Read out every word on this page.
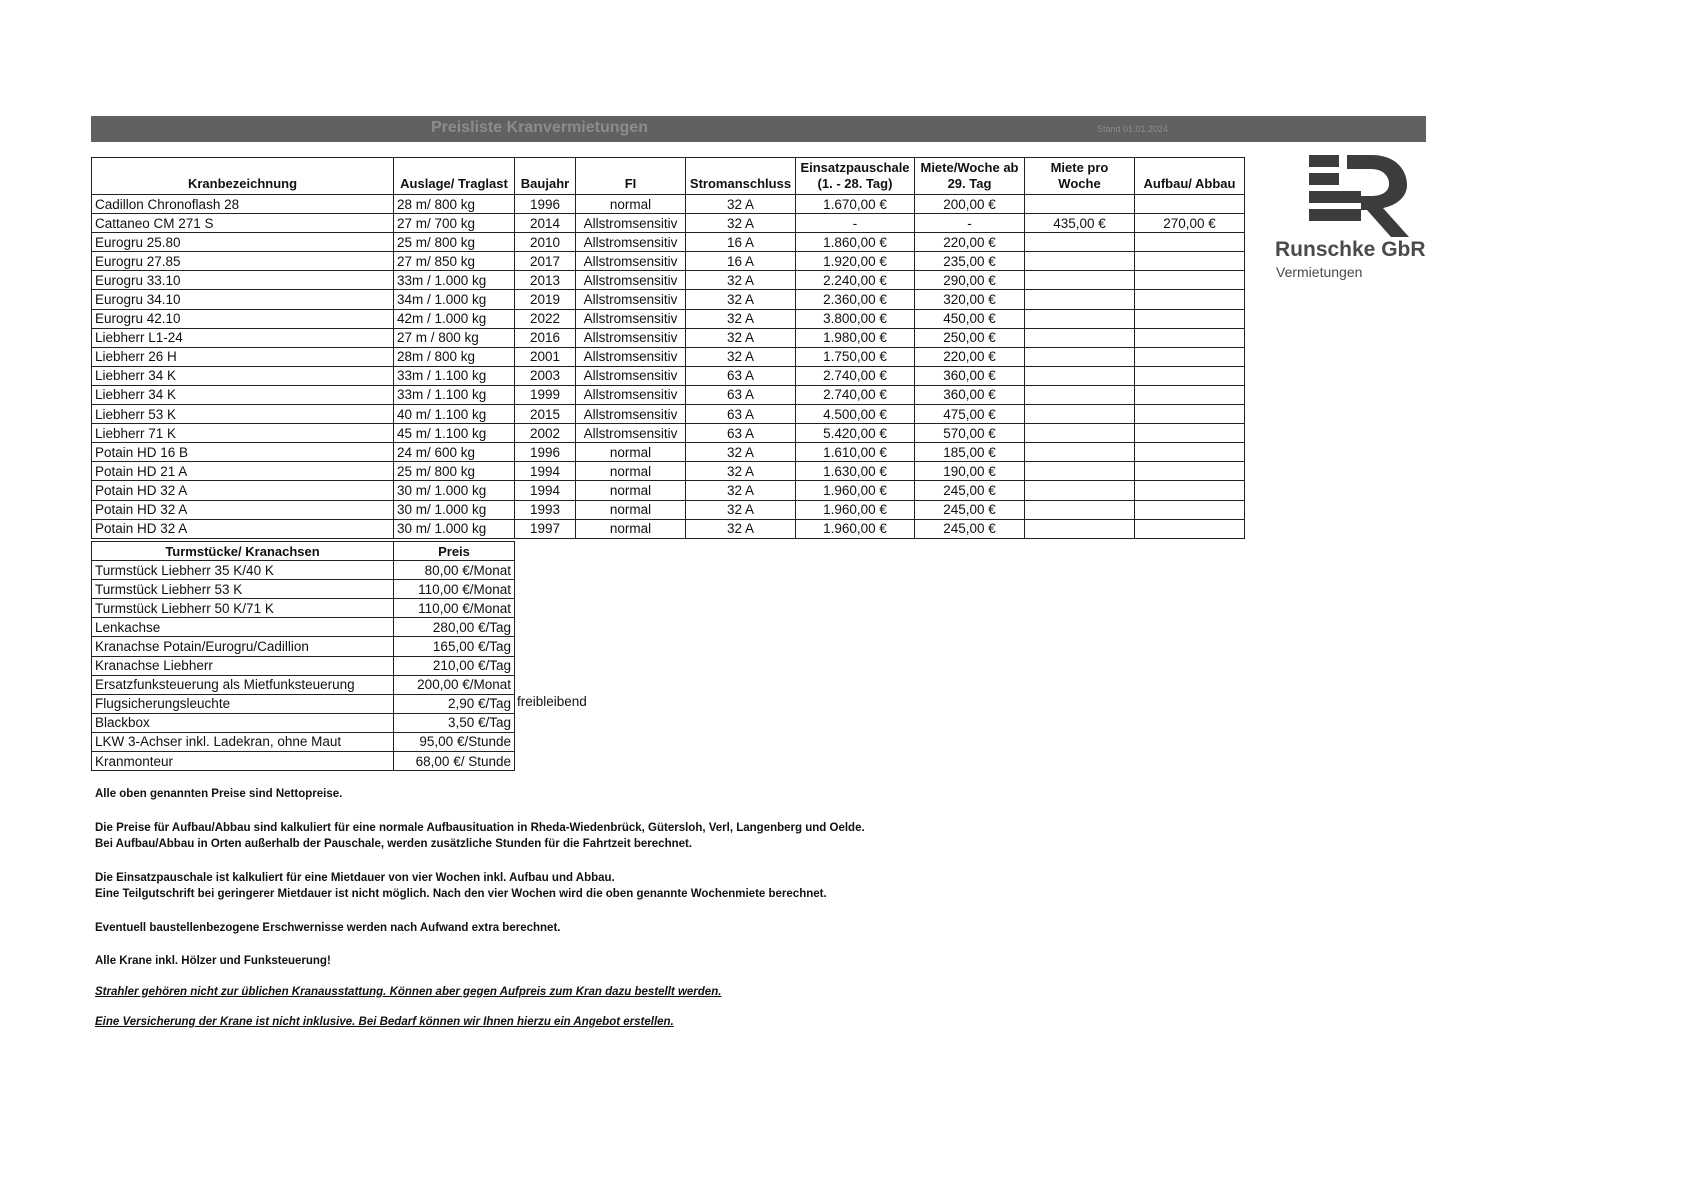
Preisliste Kranvermietungen	Stand 01.01.2024
Kranbezeichnung	Auslage/ Traglast	Baujahr	FI	Stromanschluss	Einsatzpauschale (1. - 28. Tag)	Miete/Woche ab 29. Tag	Miete pro Woche	Aufbau/ Abbau
Cadillon Chronoflash 28	28 m/ 800 kg	1996	normal	32 A	1.670,00 €	200,00 €		
Cattaneo CM 271 S	27 m/ 700 kg	2014	Allstromsensitiv	32 A	-	-	435,00 €	270,00 €
Eurogru 25.80	25 m/ 800 kg	2010	Allstromsensitiv	16 A	1.860,00 €	220,00 €		
Eurogru 27.85	27 m/ 850 kg	2017	Allstromsensitiv	16 A	1.920,00 €	235,00 €		
Eurogru 33.10	33m / 1.000 kg	2013	Allstromsensitiv	32 A	2.240,00 €	290,00 €		
Eurogru 34.10	34m / 1.000 kg	2019	Allstromsensitiv	32 A	2.360,00 €	320,00 €		
Eurogru 42.10	42m / 1.000 kg	2022	Allstromsensitiv	32 A	3.800,00 €	450,00 €		
Liebherr L1-24	27 m / 800 kg	2016	Allstromsensitiv	32 A	1.980,00 €	250,00 €		
Liebherr 26 H	28m / 800 kg	2001	Allstromsensitiv	32 A	1.750,00 €	220,00 €		
Liebherr 34 K	33m / 1.100 kg	2003	Allstromsensitiv	63 A	2.740,00 €	360,00 €		
Liebherr 34 K	33m / 1.100 kg	1999	Allstromsensitiv	63 A	2.740,00 €	360,00 €		
Liebherr 53 K	40 m/ 1.100 kg	2015	Allstromsensitiv	63 A	4.500,00 €	475,00 €		
Liebherr 71 K	45 m/ 1.100 kg	2002	Allstromsensitiv	63 A	5.420,00 €	570,00 €		
Potain HD 16 B	24 m/ 600 kg	1996	normal	32 A	1.610,00 €	185,00 €		
Potain HD 21 A	25 m/ 800 kg	1994	normal	32 A	1.630,00 €	190,00 €		
Potain HD 32 A	30 m/ 1.000 kg	1994	normal	32 A	1.960,00 €	245,00 €		
Potain HD 32 A	30 m/ 1.000 kg	1993	normal	32 A	1.960,00 €	245,00 €		
Potain HD 32 A	30 m/ 1.000 kg	1997	normal	32 A	1.960,00 €	245,00 €		
Turmstücke/ Kranachsen	Preis
Turmstück Liebherr 35 K/40 K	80,00 €/Monat
Turmstück Liebherr 53 K	110,00 €/Monat
Turmstück Liebherr 50 K/71 K	110,00 €/Monat
Lenkachse	280,00 €/Tag
Kranachse Potain/Eurogru/Cadillion	165,00 €/Tag
Kranachse Liebherr	210,00 €/Tag
Ersatzfunksteuerung als Mietfunksteuerung	200,00 €/Monat
Flugsicherungsleuchte	2,90 €/Tag
Blackbox	3,50 €/Tag
LKW 3-Achser inkl. Ladekran, ohne Maut	95,00 €/Stunde
Kranmonteur	68,00 €/ Stunde
freibleibend
Runschke GbR
Vermietungen

Alle oben genannten Preise sind Nettopreise.

Die Preise für Aufbau/Abbau sind kalkuliert für eine normale Aufbausituation in Rheda-Wiedenbrück, Gütersloh, Verl, Langenberg und Oelde.

Bei Aufbau/Abbau in Orten außerhalb der Pauschale, werden zusätzliche Stunden für die Fahrtzeit berechnet.

Die Einsatzpauschale ist kalkuliert für eine Mietdauer von vier Wochen inkl. Aufbau und Abbau.

Eine Teilgutschrift bei geringerer Mietdauer ist nicht möglich. Nach den vier Wochen wird die oben genannte Wochenmiete berechnet.

Eventuell baustellenbezogene Erschwernisse werden nach Aufwand extra berechnet.

Alle Krane inkl. Hölzer und Funksteuerung!

Strahler gehören nicht zur üblichen Kranausstattung. Können aber gegen Aufpreis zum Kran dazu bestellt werden.

Eine Versicherung der Krane ist nicht inklusive. Bei Bedarf können wir Ihnen hierzu ein Angebot erstellen.
